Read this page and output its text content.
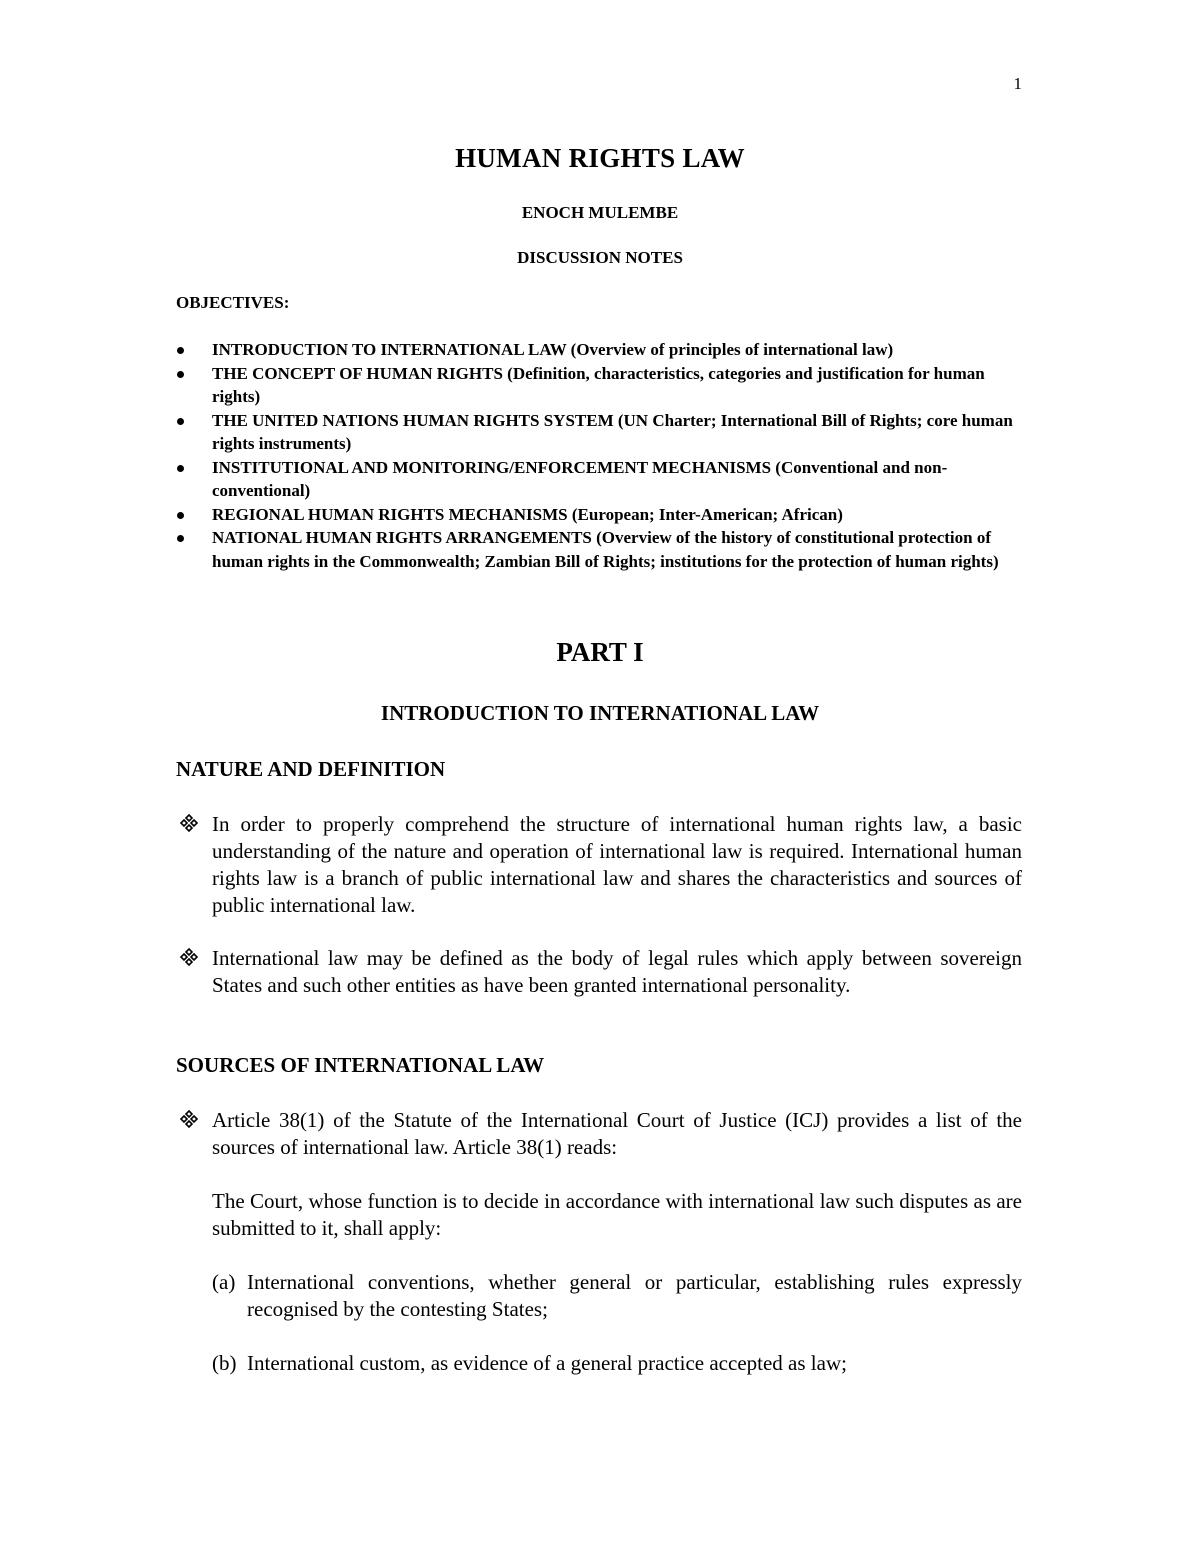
1
HUMAN RIGHTS LAW
ENOCH MULEMBE
DISCUSSION NOTES
OBJECTIVES:
INTRODUCTION TO INTERNATIONAL LAW (Overview of principles of international law)
THE CONCEPT OF HUMAN RIGHTS (Definition, characteristics, categories and justification for human rights)
THE UNITED NATIONS HUMAN RIGHTS SYSTEM (UN Charter; International Bill of Rights; core human rights instruments)
INSTITUTIONAL AND MONITORING/ENFORCEMENT MECHANISMS (Conventional and non-conventional)
REGIONAL HUMAN RIGHTS MECHANISMS (European; Inter-American; African)
NATIONAL HUMAN RIGHTS ARRANGEMENTS (Overview of the history of constitutional protection of human rights in the Commonwealth; Zambian Bill of Rights; institutions for the protection of human rights)
PART I
INTRODUCTION TO INTERNATIONAL LAW
NATURE AND DEFINITION
In order to properly comprehend the structure of international human rights law, a basic understanding of the nature and operation of international law is required. International human rights law is a branch of public international law and shares the characteristics and sources of public international law.
International law may be defined as the body of legal rules which apply between sovereign States and such other entities as have been granted international personality.
SOURCES OF INTERNATIONAL LAW
Article 38(1) of the Statute of the International Court of Justice (ICJ) provides a list of the sources of international law. Article 38(1) reads:
The Court, whose function is to decide in accordance with international law such disputes as are submitted to it, shall apply:
(a) International conventions, whether general or particular, establishing rules expressly recognised by the contesting States;
(b) International custom, as evidence of a general practice accepted as law;
